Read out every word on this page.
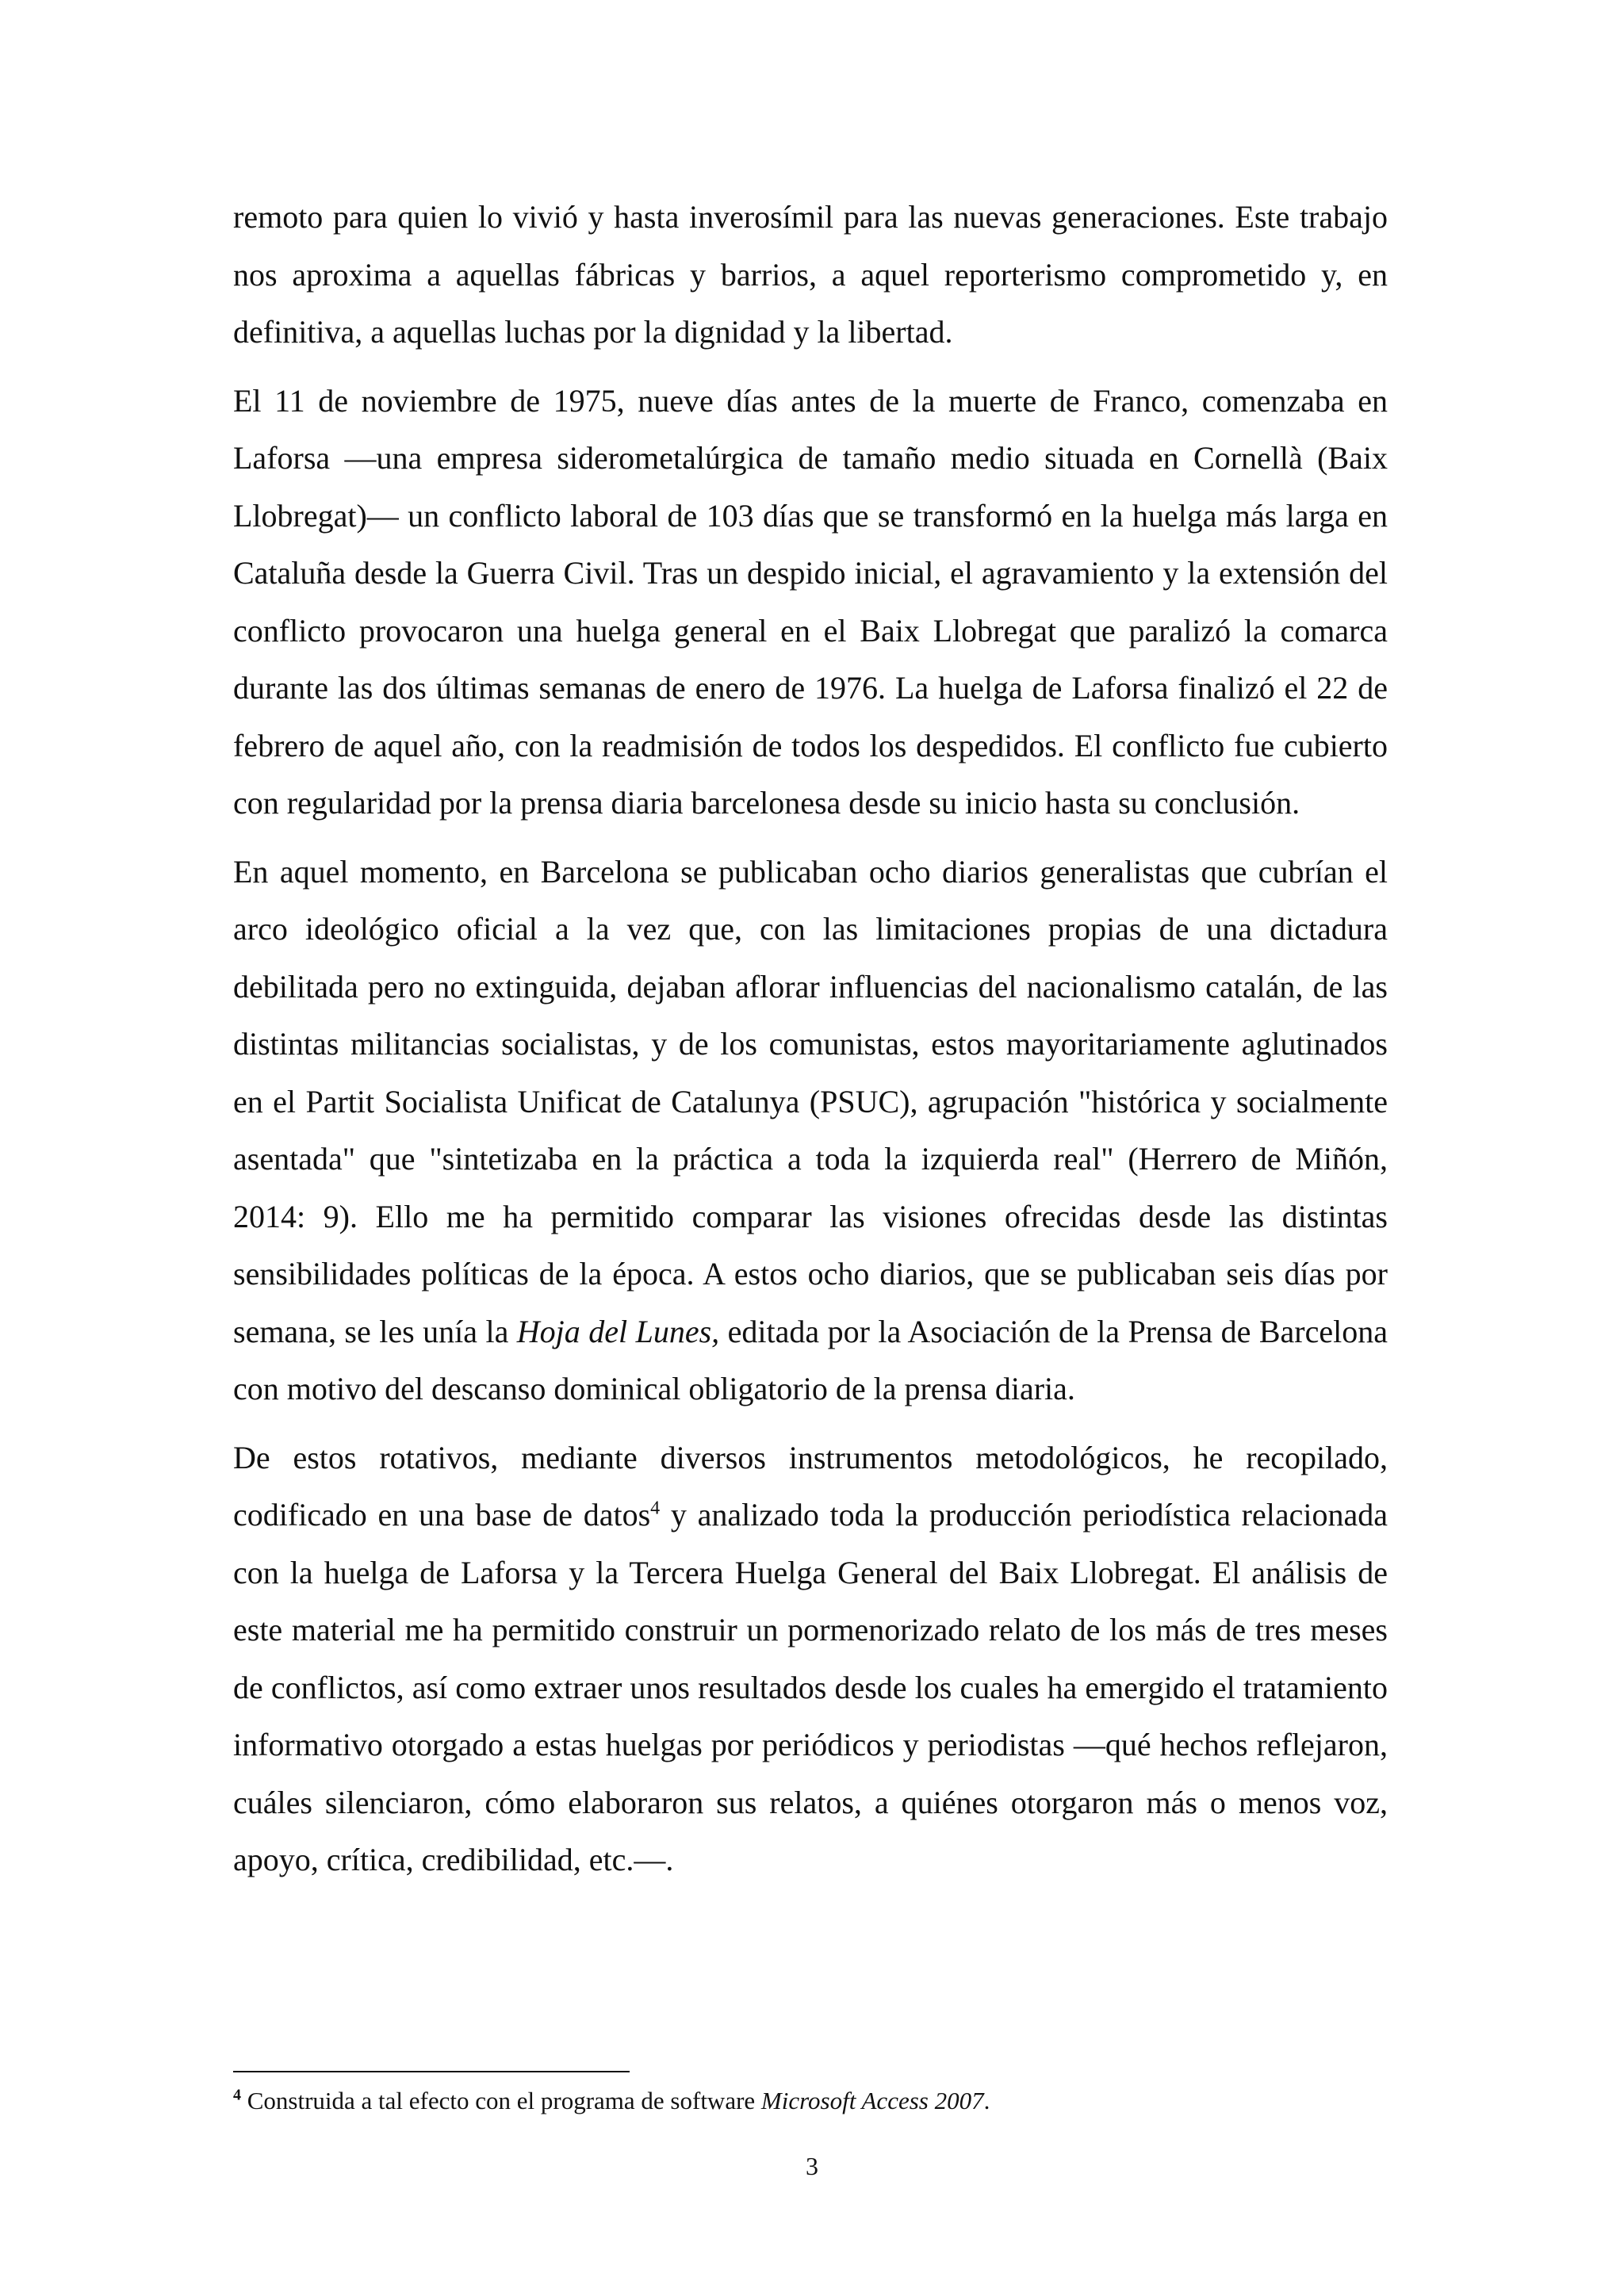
remoto para quien lo vivió y hasta inverosímil para las nuevas generaciones. Este trabajo nos aproxima a aquellas fábricas y barrios, a aquel reporterismo comprometido y, en definitiva, a aquellas luchas por la dignidad y la libertad.

El 11 de noviembre de 1975, nueve días antes de la muerte de Franco, comenzaba en Laforsa —una empresa siderometalúrgica de tamaño medio situada en Cornellà (Baix Llobregat)— un conflicto laboral de 103 días que se transformó en la huelga más larga en Cataluña desde la Guerra Civil. Tras un despido inicial, el agravamiento y la extensión del conflicto provocaron una huelga general en el Baix Llobregat que paralizó la comarca durante las dos últimas semanas de enero de 1976. La huelga de Laforsa finalizó el 22 de febrero de aquel año, con la readmisión de todos los despedidos. El conflicto fue cubierto con regularidad por la prensa diaria barcelonesa desde su inicio hasta su conclusión.

En aquel momento, en Barcelona se publicaban ocho diarios generalistas que cubrían el arco ideológico oficial a la vez que, con las limitaciones propias de una dictadura debilitada pero no extinguida, dejaban aflorar influencias del nacionalismo catalán, de las distintas militancias socialistas, y de los comunistas, estos mayoritariamente aglutinados en el Partit Socialista Unificat de Catalunya (PSUC), agrupación "histórica y socialmente asentada" que "sintetizaba en la práctica a toda la izquierda real" (Herrero de Miñón, 2014: 9). Ello me ha permitido comparar las visiones ofrecidas desde las distintas sensibilidades políticas de la época. A estos ocho diarios, que se publicaban seis días por semana, se les unía la Hoja del Lunes, editada por la Asociación de la Prensa de Barcelona con motivo del descanso dominical obligatorio de la prensa diaria.

De estos rotativos, mediante diversos instrumentos metodológicos, he recopilado, codificado en una base de datos$^4$ y analizado toda la producción periodística relacionada con la huelga de Laforsa y la Tercera Huelga General del Baix Llobregat. El análisis de este material me ha permitido construir un pormenorizado relato de los más de tres meses de conflictos, así como extraer unos resultados desde los cuales ha emergido el tratamiento informativo otorgado a estas huelgas por periódicos y periodistas —qué hechos reflejaron, cuáles silenciaron, cómo elaboraron sus relatos, a quiénes otorgaron más o menos voz, apoyo, crítica, credibilidad, etc.—.

$^4$ Construida a tal efecto con el programa de software Microsoft Access 2007.
3
